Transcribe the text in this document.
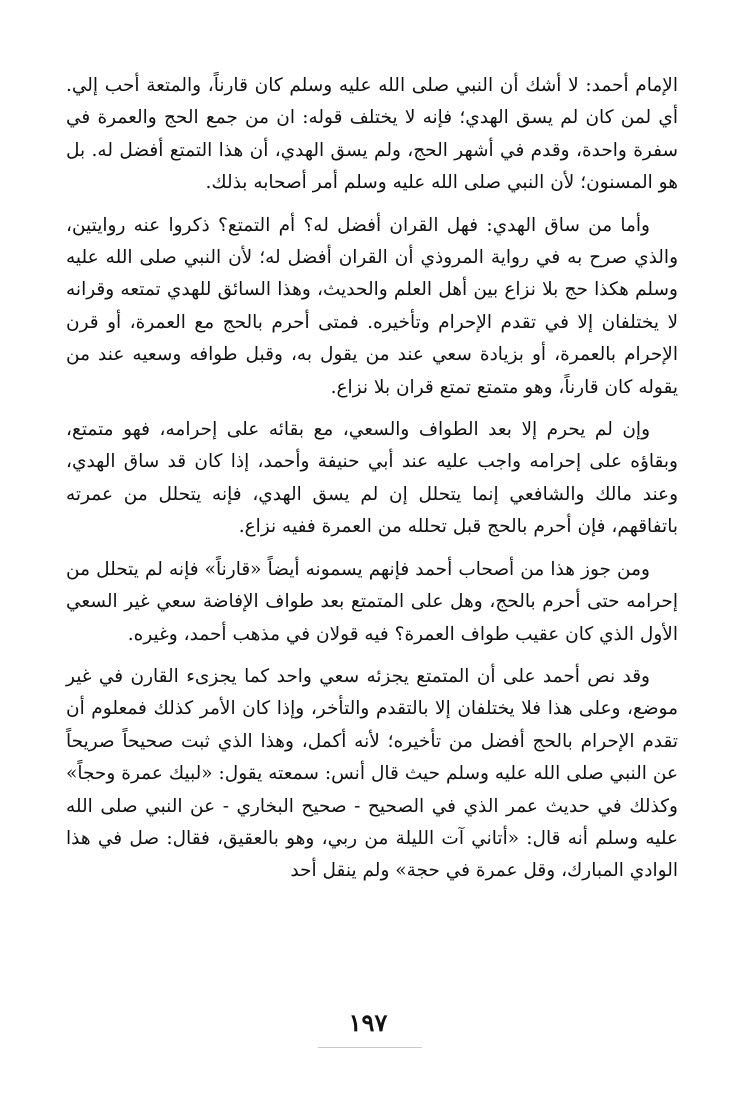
الإمام أحمد: لا أشك أن النبي صلى الله عليه وسلم كان قارناً، والمتعة أحب إلي. أي لمن كان لم يسق الهدي؛ فإنه لا يختلف قوله: ان من جمع الحج والعمرة في سفرة واحدة، وقدم في أشهر الحج، ولم يسق الهدي، أن هذا التمتع أفضل له. بل هو المسنون؛ لأن النبي صلى الله عليه وسلم أمر أصحابه بذلك.

وأما من ساق الهدي: فهل القران أفضل له؟ أم التمتع؟ ذكروا عنه روايتين، والذي صرح به في رواية المروذي أن القران أفضل له؛ لأن النبي صلى الله عليه وسلم هكذا حج بلا نزاع بين أهل العلم والحديث، وهذا السائق للهدي تمتعه وقرانه لا يختلفان إلا في تقدم الإحرام وتأخيره. فمتى أحرم بالحج مع العمرة، أو قرن الإحرام بالعمرة، أو بزيادة سعي عند من يقول به، وقبل طوافه وسعيه عند من يقوله كان قارناً، وهو متمتع تمتع قران بلا نزاع.

وإن لم يحرم إلا بعد الطواف والسعي، مع بقائه على إحرامه، فهو متمتع، وبقاؤه على إحرامه واجب عليه عند أبي حنيفة وأحمد، إذا كان قد ساق الهدي، وعند مالك والشافعي إنما يتحلل إن لم يسق الهدي، فإنه يتحلل من عمرته باتفاقهم، فإن أحرم بالحج قبل تحلله من العمرة ففيه نزاع.

ومن جوز هذا من أصحاب أحمد فإنهم يسمونه أيضاً «قارناً» فإنه لم يتحلل من إحرامه حتى أحرم بالحج، وهل على المتمتع بعد طواف الإفاضة سعي غير السعي الأول الذي كان عقيب طواف العمرة؟ فيه قولان في مذهب أحمد، وغيره.

وقد نص أحمد على أن المتمتع يجزئه سعي واحد كما يجزىء القارن في غير موضع، وعلى هذا فلا يختلفان إلا بالتقدم والتأخر، وإذا كان الأمر كذلك فمعلوم أن تقدم الإحرام بالحج أفضل من تأخيره؛ لأنه أكمل، وهذا الذي ثبت صحيحاً صريحاً عن النبي صلى الله عليه وسلم حيث قال أنس: سمعته يقول: «لبيك عمرة وحجاً» وكذلك في حديث عمر الذي في الصحيح - صحيح البخاري - عن النبي صلى الله عليه وسلم أنه قال: «أتاني آت الليلة من ربي، وهو بالعقيق، فقال: صل في هذا الوادي المبارك، وقل عمرة في حجة» ولم ينقل أحد

١٩٧
